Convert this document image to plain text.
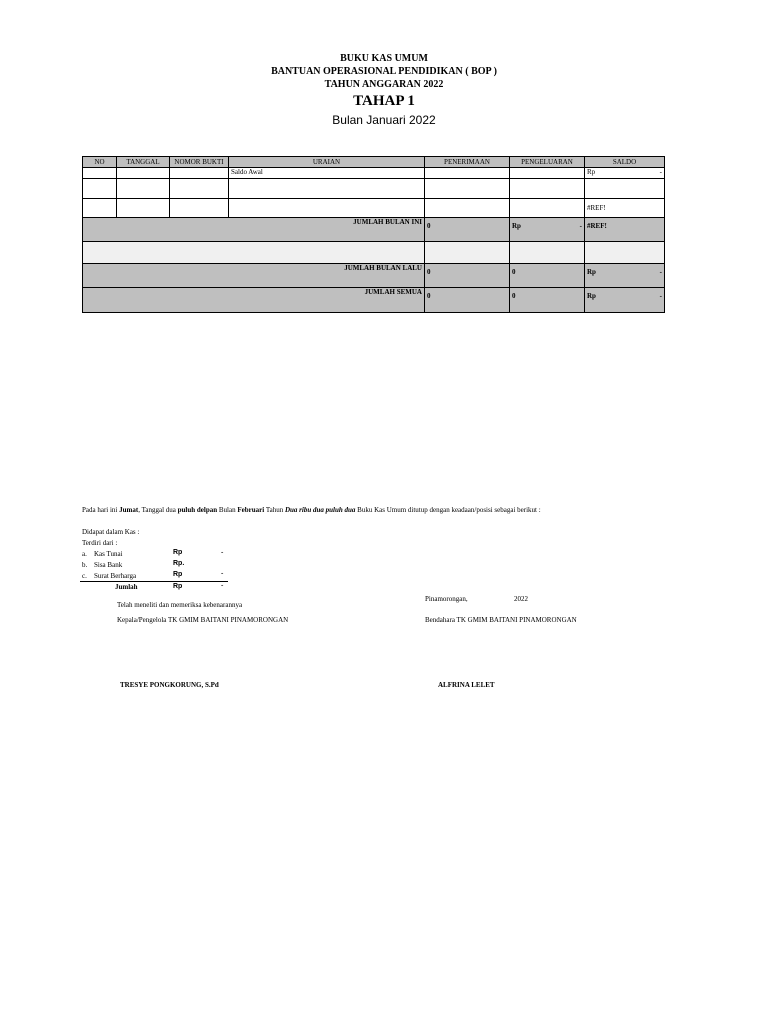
BUKU KAS UMUM
BANTUAN OPERASIONAL PENDIDIKAN ( BOP )
TAHUN ANGGARAN 2022
TAHAP 1
Bulan Januari 2022
NO	TANGGAL	NOMOR BUKTI	URAIAN	PENERIMAAN	PENGELUARAN	SALDO
			Saldo Awal			Rp -

						#REF!
JUMLAH BULAN INI				0	Rp -	#REF!

JUMLAH BULAN LALU				0	0	Rp -

JUMLAH SEMUA				0	0	Rp -
Pada hari ini Jumat, Tanggal dua puluh delpan Bulan Februari Tahun Dua ribu dua puluh dua Buku Kas Umum ditutup dengan keadaan/posisi sebagai berikut :
Didapat dalam Kas :
Terdiri dari :
a. Kas Tunai	Rp	-
b. Sisa Bank	Rp.
c. Surat Berharga	Rp	-
Jumlah	Rp	-
Pinamorongan,	2022
Telah meneliti dan memeriksa kebenarannya
Kepala/Pengelola TK GMIM BAITANI PINAMORONGAN	Bendahara TK GMIM BAITANI PINAMORONGAN
TRESYE PONGKORUNG, S.Pd	ALFRINA LELET
